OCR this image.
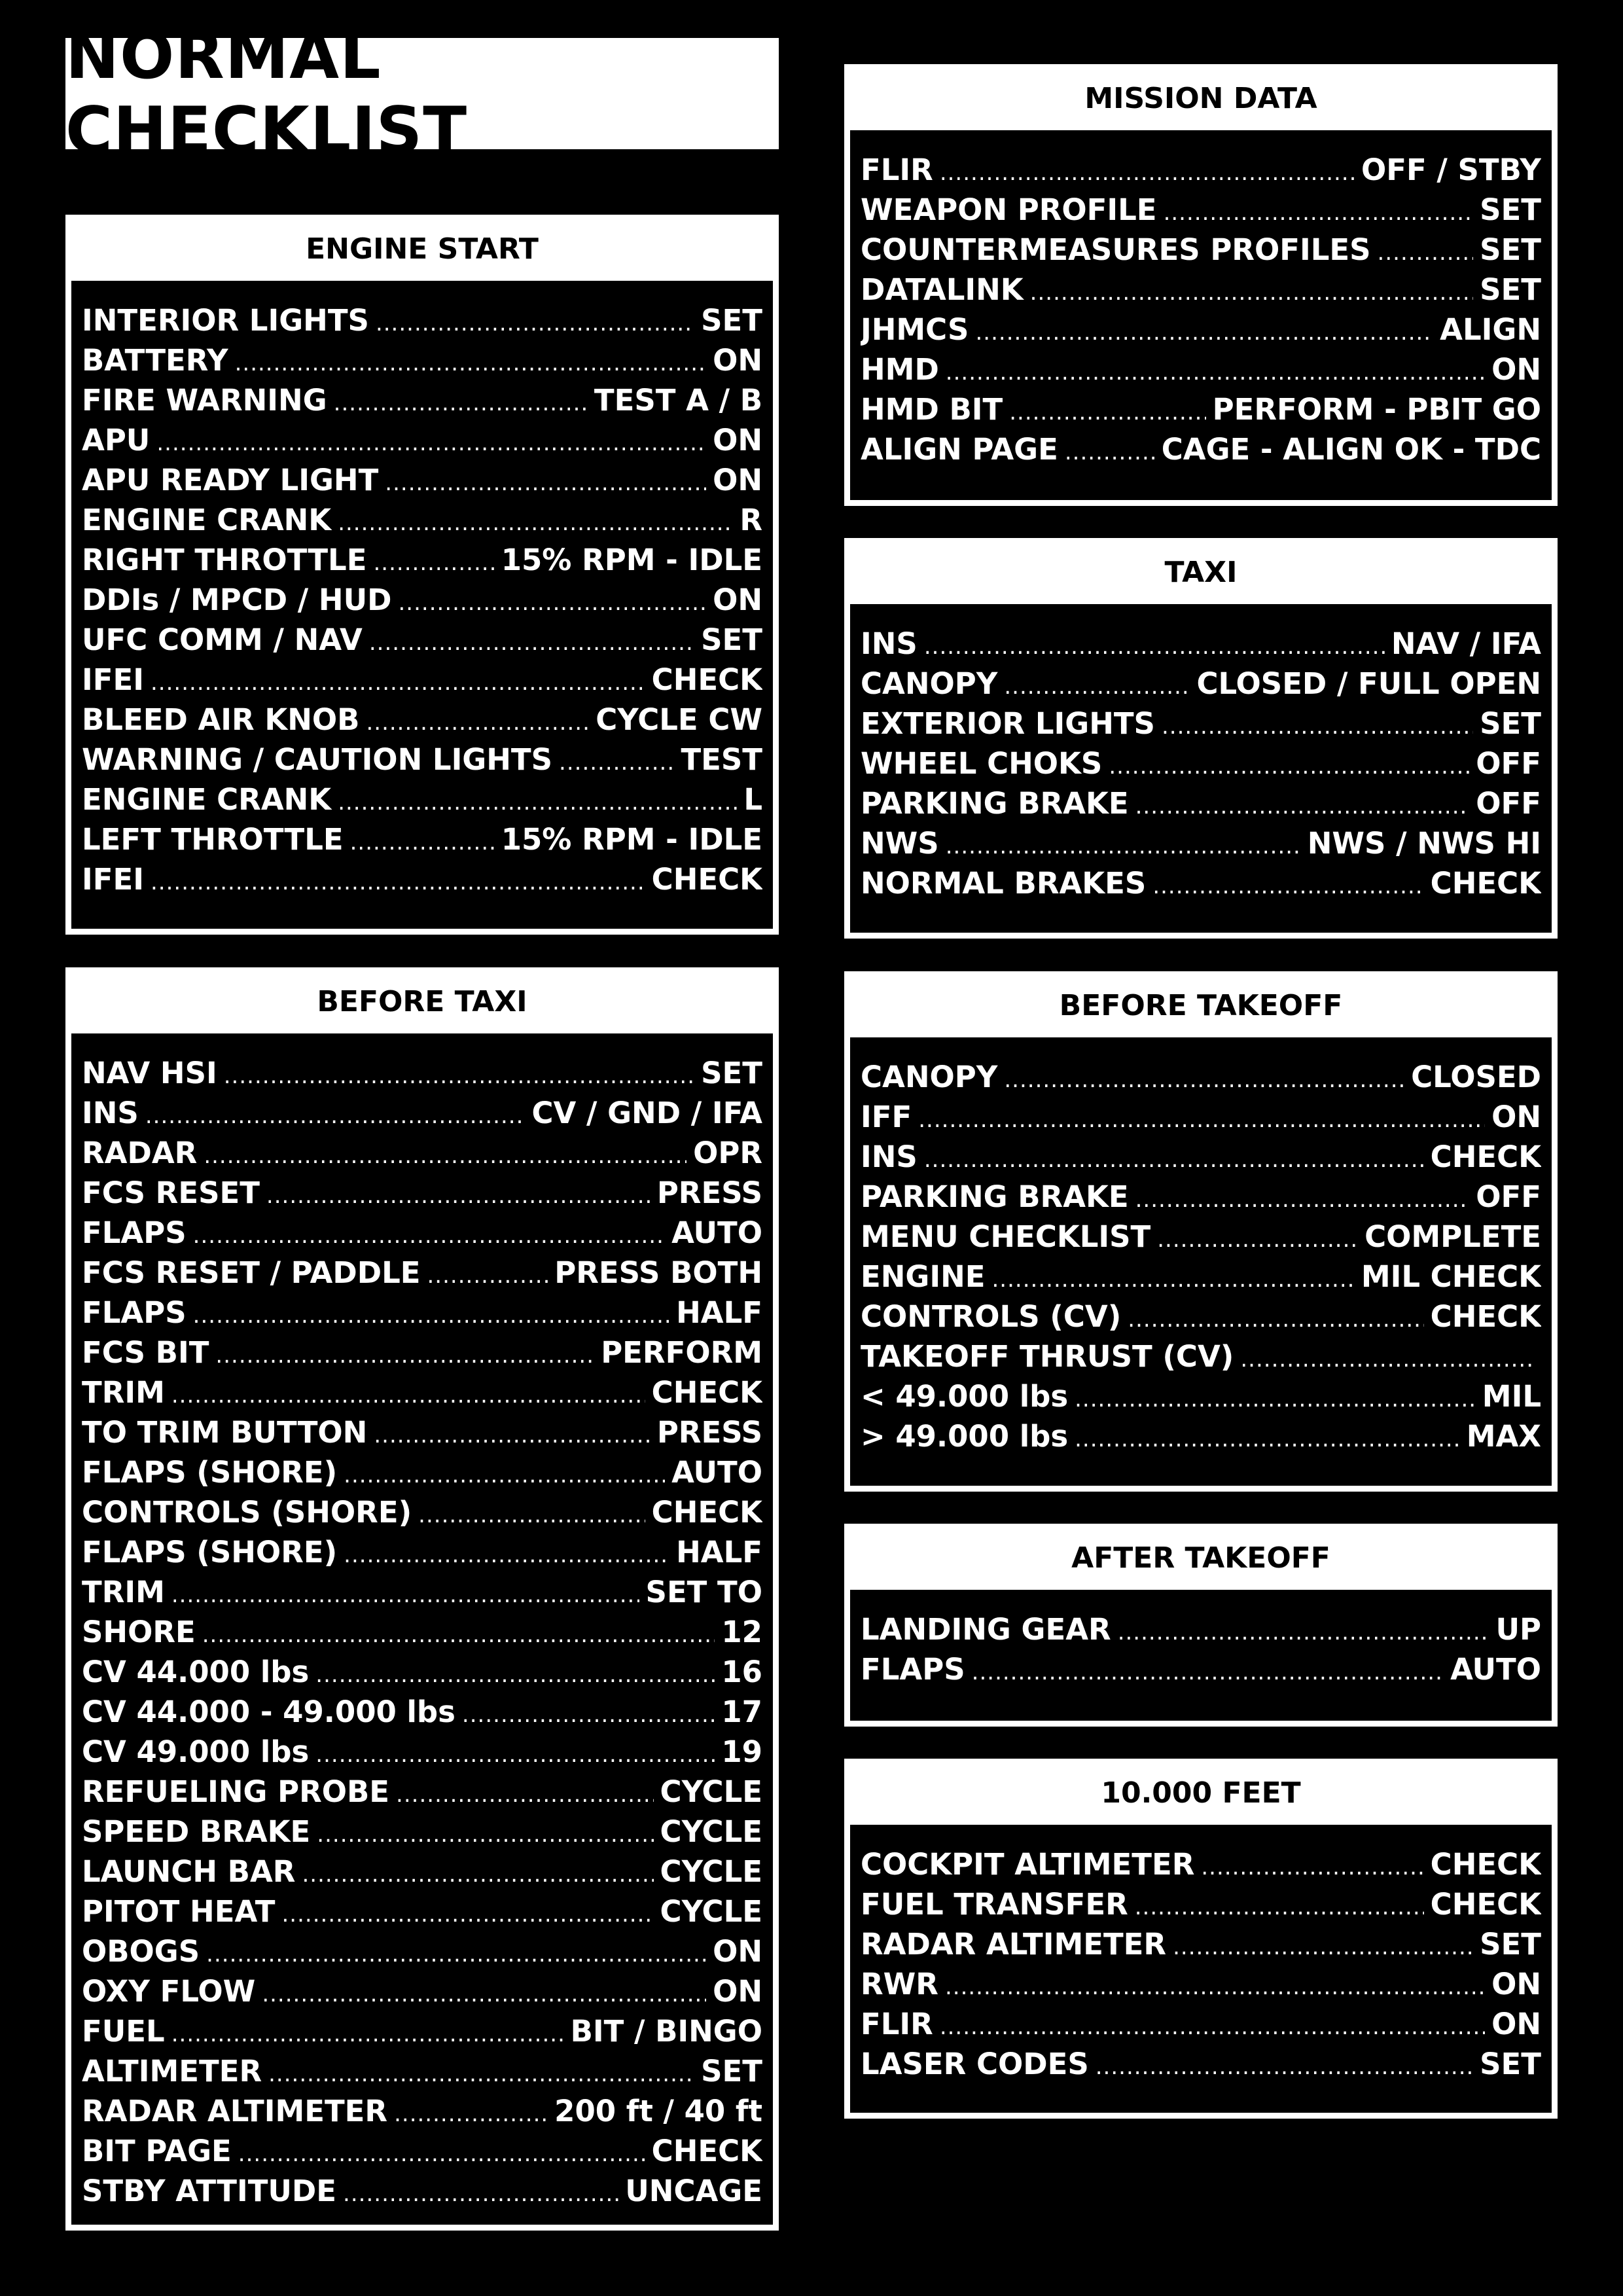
NORMAL CHECKLIST
ENGINE START
INTERIOR LIGHTS .....	SET
BATTERY .....	ON
FIRE WARNING .....	TEST A / B
APU .....	ON
APU READY LIGHT .....	ON
ENGINE CRANK .....	R
RIGHT THROTTLE .....	15% RPM - IDLE
DDIs / MPCD / HUD .....	ON
UFC COMM / NAV .....	SET
IFEI .....	CHECK
BLEED AIR KNOB .....	CYCLE CW
WARNING / CAUTION LIGHTS .....	TEST
ENGINE CRANK .....	L
LEFT THROTTLE .....	15% RPM - IDLE
IFEI .....	CHECK
BEFORE TAXI
NAV HSI .....	SET
INS .....	CV / GND / IFA
RADAR .....	OPR
FCS RESET .....	PRESS
FLAPS .....	AUTO
FCS RESET / PADDLE .....	PRESS BOTH
FLAPS .....	HALF
FCS BIT .....	PERFORM
TRIM .....	CHECK
TO TRIM BUTTON .....	PRESS
FLAPS (SHORE) .....	AUTO
CONTROLS (SHORE) .....	CHECK
FLAPS (SHORE) .....	HALF
TRIM .....	SET TO
SHORE .....	12
CV 44.000 lbs .....	16
CV 44.000 - 49.000 lbs .....	17
CV 49.000 lbs .....	19
REFUELING PROBE .....	CYCLE
SPEED BRAKE .....	CYCLE
LAUNCH BAR .....	CYCLE
PITOT HEAT .....	CYCLE
OBOGS .....	ON
OXY FLOW .....	ON
FUEL .....	BIT / BINGO
ALTIMETER .....	SET
RADAR ALTIMETER .....	200 ft / 40 ft
BIT PAGE .....	CHECK
STBY ATTITUDE .....	UNCAGE
MISSION DATA
FLIR .....	OFF / STBY
WEAPON PROFILE .....	SET
COUNTERMEASURES PROFILES .....	SET
DATALINK .....	SET
JHMCS .....	ALIGN
HMD .....	ON
HMD BIT .....	PERFORM - PBIT GO
ALIGN PAGE .....	CAGE - ALIGN OK - TDC
TAXI
INS .....	NAV / IFA
CANOPY .....	CLOSED / FULL OPEN
EXTERIOR LIGHTS .....	SET
WHEEL CHOKS .....	OFF
PARKING BRAKE .....	OFF
NWS .....	NWS / NWS HI
NORMAL BRAKES .....	CHECK
BEFORE TAKEOFF
CANOPY .....	CLOSED
IFF .....	ON
INS .....	CHECK
PARKING BRAKE .....	OFF
MENU CHECKLIST .....	COMPLETE
ENGINE .....	MIL CHECK
CONTROLS (CV) .....	CHECK
TAKEOFF THRUST (CV)
.....
< 49.000 lbs .....	MIL
> 49.000 lbs .....	MAX
AFTER TAKEOFF
LANDING GEAR .....	UP
FLAPS .....	AUTO
10.000 FEET
COCKPIT ALTIMETER .....	CHECK
FUEL TRANSFER .....	CHECK
RADAR ALTIMETER .....	SET
RWR .....	ON
FLIR .....	ON
LASER CODES .....	SET
